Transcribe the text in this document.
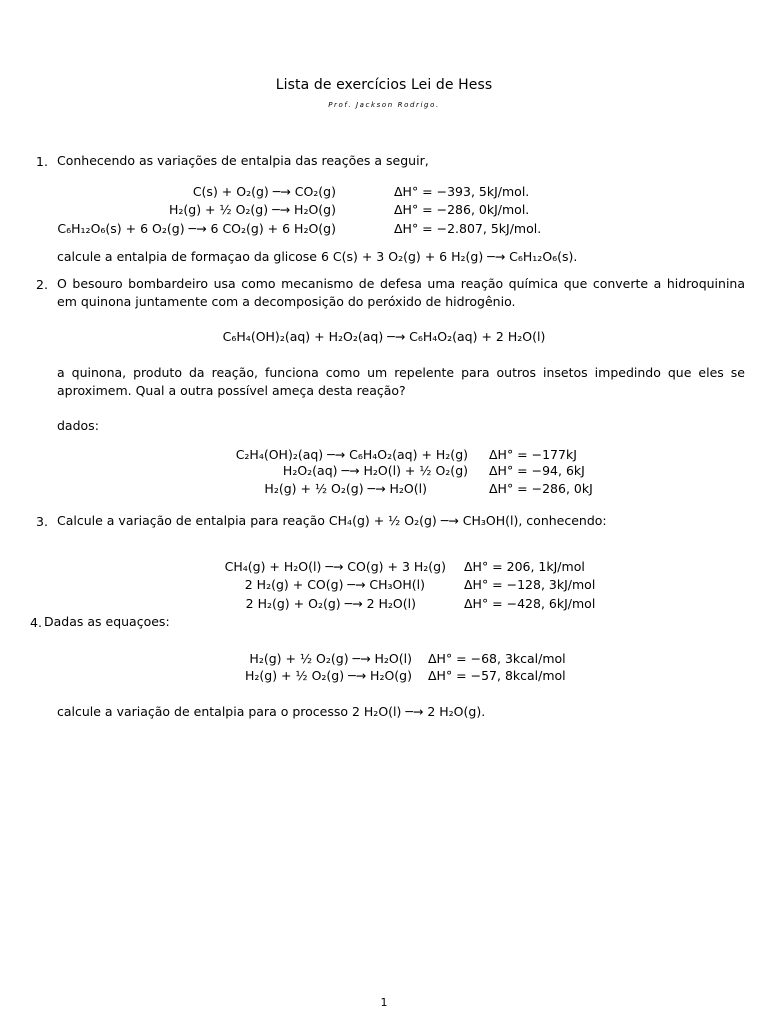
Lista de exercícios Lei de Hess
Prof. Jackson Rodrigo.
1. Conhecendo as variações de entalpia das reações a seguir,
C(s) + O₂(g) ─→ CO₂(g)	ΔH° = −393, 5kJ/mol.
H₂(g) + ½ O₂(g) ─→ H₂O(g)	ΔH° = −286, 0kJ/mol.
C₆H₁₂O₆(s) + 6 O₂(g) ─→ 6 CO₂(g) + 6 H₂O(g)	ΔH° = −2.807, 5kJ/mol.
calcule a entalpia de formaçao da glicose 6 C(s) + 3 O₂(g) + 6 H₂(g) ─→ C₆H₁₂O₆(s).
2. O besouro bombardeiro usa como mecanismo de defesa uma reação química que converte a hidroquinina em quinona juntamente com a decomposição do peróxido de hidrogênio.
C₆H₄(OH)₂(aq) + H₂O₂(aq) ─→ C₆H₄O₂(aq) + 2 H₂O(l)
a quinona, produto da reação, funciona como um repelente para outros insetos impedindo que eles se aproximem. Qual a outra possível ameça desta reação?
dados:
C₂H₄(OH)₂(aq) ─→ C₆H₄O₂(aq) + H₂(g) ΔH° = −177kJ
H₂O₂(aq) ─→ H₂O(l) + ½ O₂(g) ΔH° = −94, 6kJ
H₂(g) + ½ O₂(g) ─→ H₂O(l)	ΔH° = −286, 0kJ
3. Calcule a variação de entalpia para reação CH₄(g) + ½ O₂(g) ─→ CH₃OH(l), conhecendo:
CH₄(g) + H₂O(l) ─→ CO(g) + 3 H₂(g) ΔH° = 206, 1kJ/mol
2 H₂(g) + CO(g) ─→ CH₃OH(l)	ΔH° = −128, 3kJ/mol
2 H₂(g) + O₂(g) ─→ 2 H₂O(l)	ΔH° = −428, 6kJ/mol
4. Dadas as equaçoes:
H₂(g) + ½ O₂(g) ─→ H₂O(l) ΔH° = −68, 3kcal/mol
H₂(g) + ½ O₂(g) ─→ H₂O(g) ΔH° = −57, 8kcal/mol
calcule a variação de entalpia para o processo 2 H₂O(l) ─→ 2 H₂O(g).
1
